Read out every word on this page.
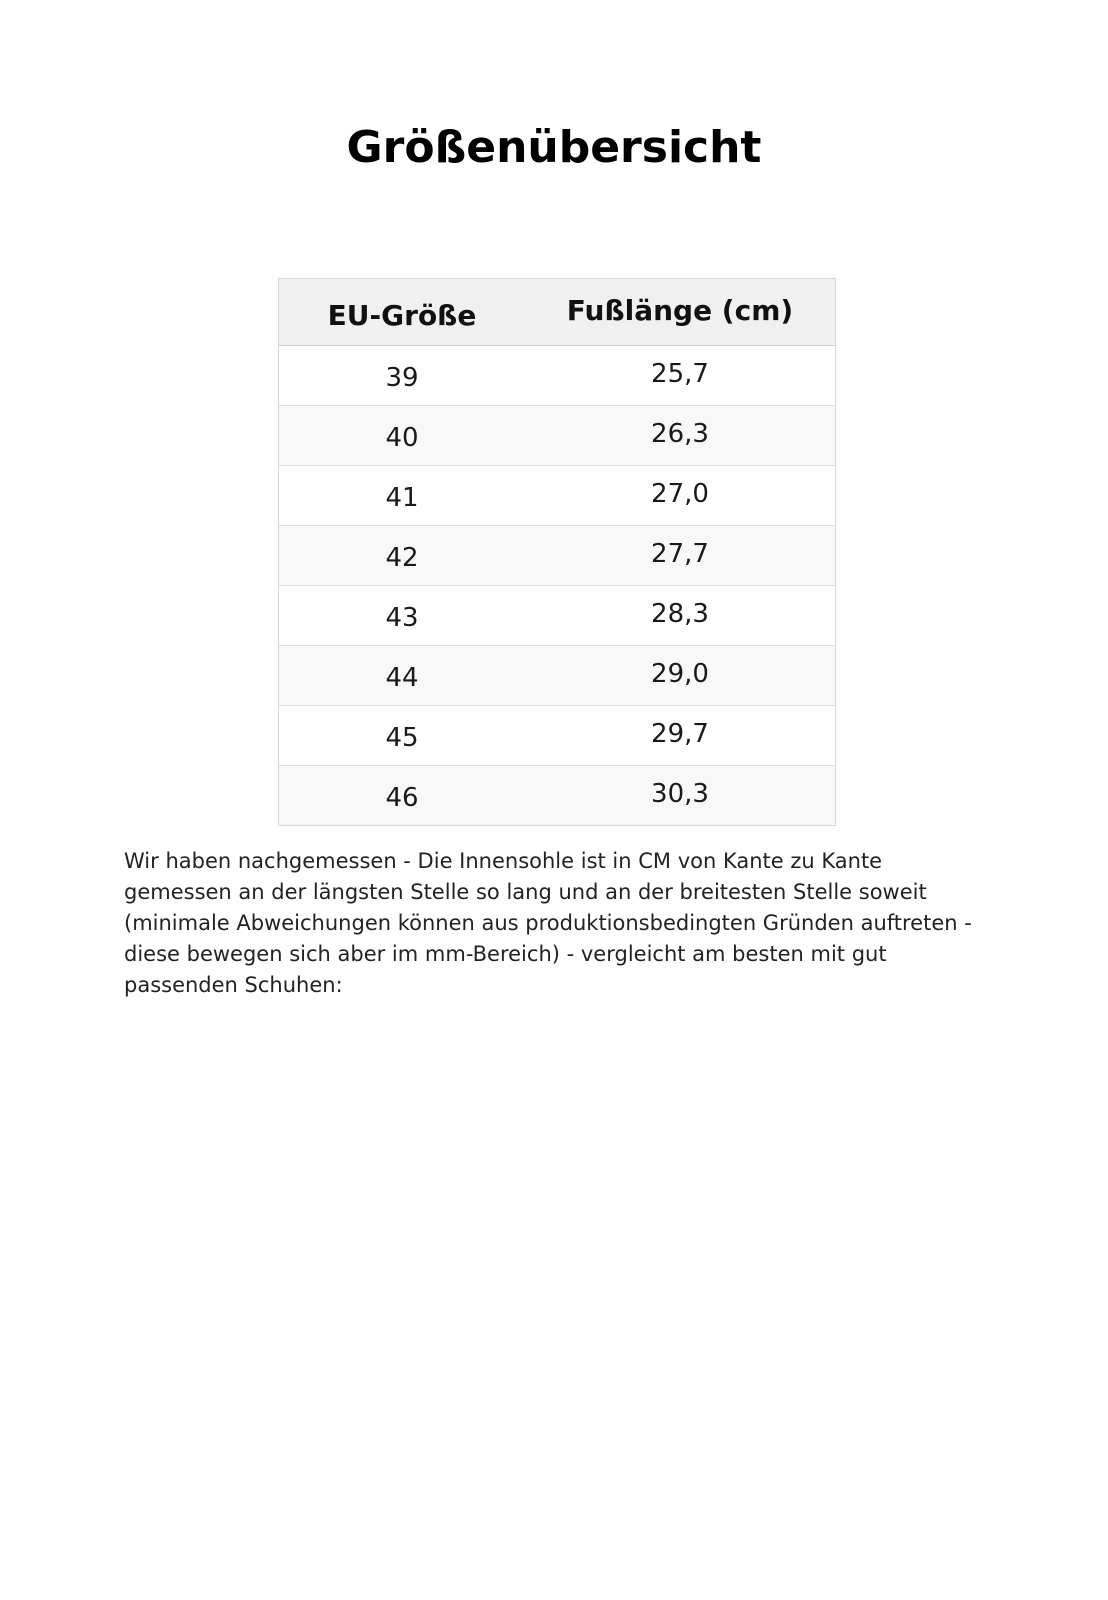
Größenübersicht
EU-Größe	Fußlänge (cm)
39	25,7
40	26,3
41	27,0
42	27,7
43	28,3
44	29,0
45	29,7
46	30,3

Wir haben nachgemessen - Die Innensohle ist in CM von Kante zu Kante gemessen an der längsten Stelle so lang und an der breitesten Stelle soweit (minimale Abweichungen können aus produktionsbedingten Gründen auftreten - diese bewegen sich aber im mm-Bereich) - vergleicht am besten mit gut passenden Schuhen:
